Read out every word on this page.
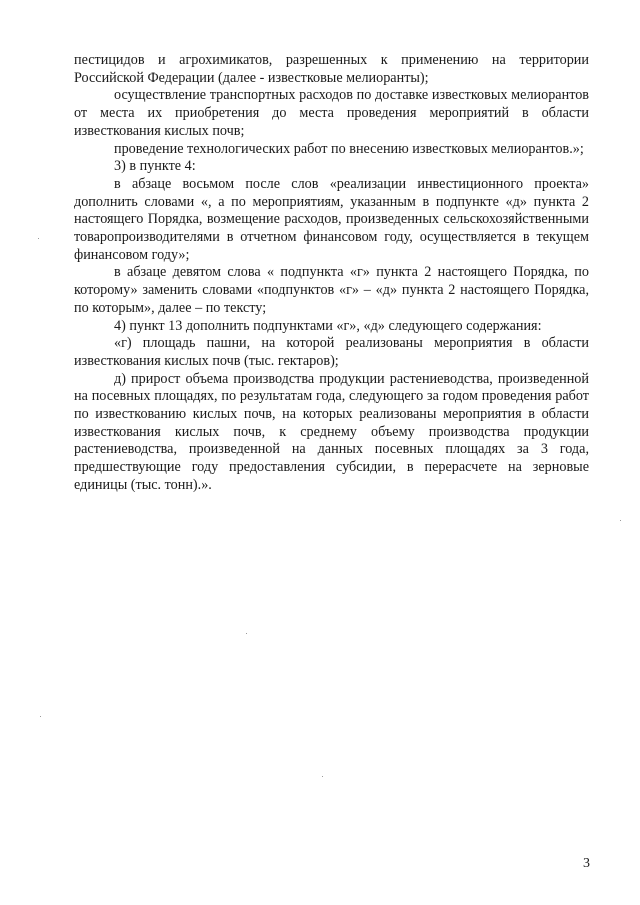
пестицидов и агрохимикатов, разрешенных к применению на территории Российской Федерации (далее - известковые мелиоранты);

осуществление транспортных расходов по доставке известковых мелиорантов от места их приобретения до места проведения мероприятий в области известкования кислых почв;

проведение технологических работ по внесению известковых мелиорантов.»;

3) в пункте 4:

в абзаце восьмом после слов «реализации инвестиционного проекта» дополнить словами «, а по мероприятиям, указанным в подпункте «д» пункта 2 настоящего Порядка, возмещение расходов, произведенных сельскохозяйственными товаропроизводителями в отчетном финансовом году, осуществляется в текущем финансовом году»;

в абзаце девятом слова « подпункта «г» пункта 2 настоящего Порядка, по которому» заменить словами «подпунктов «г» – «д» пункта 2 настоящего Порядка, по которым», далее – по тексту;

4) пункт 13 дополнить подпунктами «г», «д» следующего содержания:

«г) площадь пашни, на которой реализованы мероприятия в области известкования кислых почв (тыс. гектаров);

д) прирост объема производства продукции растениеводства, произведенной на посевных площадях, по результатам года, следующего за годом проведения работ по известкованию кислых почв, на которых реализованы мероприятия в области известкования кислых почв, к среднему объему производства продукции растениеводства, произведенной на данных посевных площадях за 3 года, предшествующие году предоставления субсидии, в перерасчете на зерновые единицы (тыс. тонн).».

3
